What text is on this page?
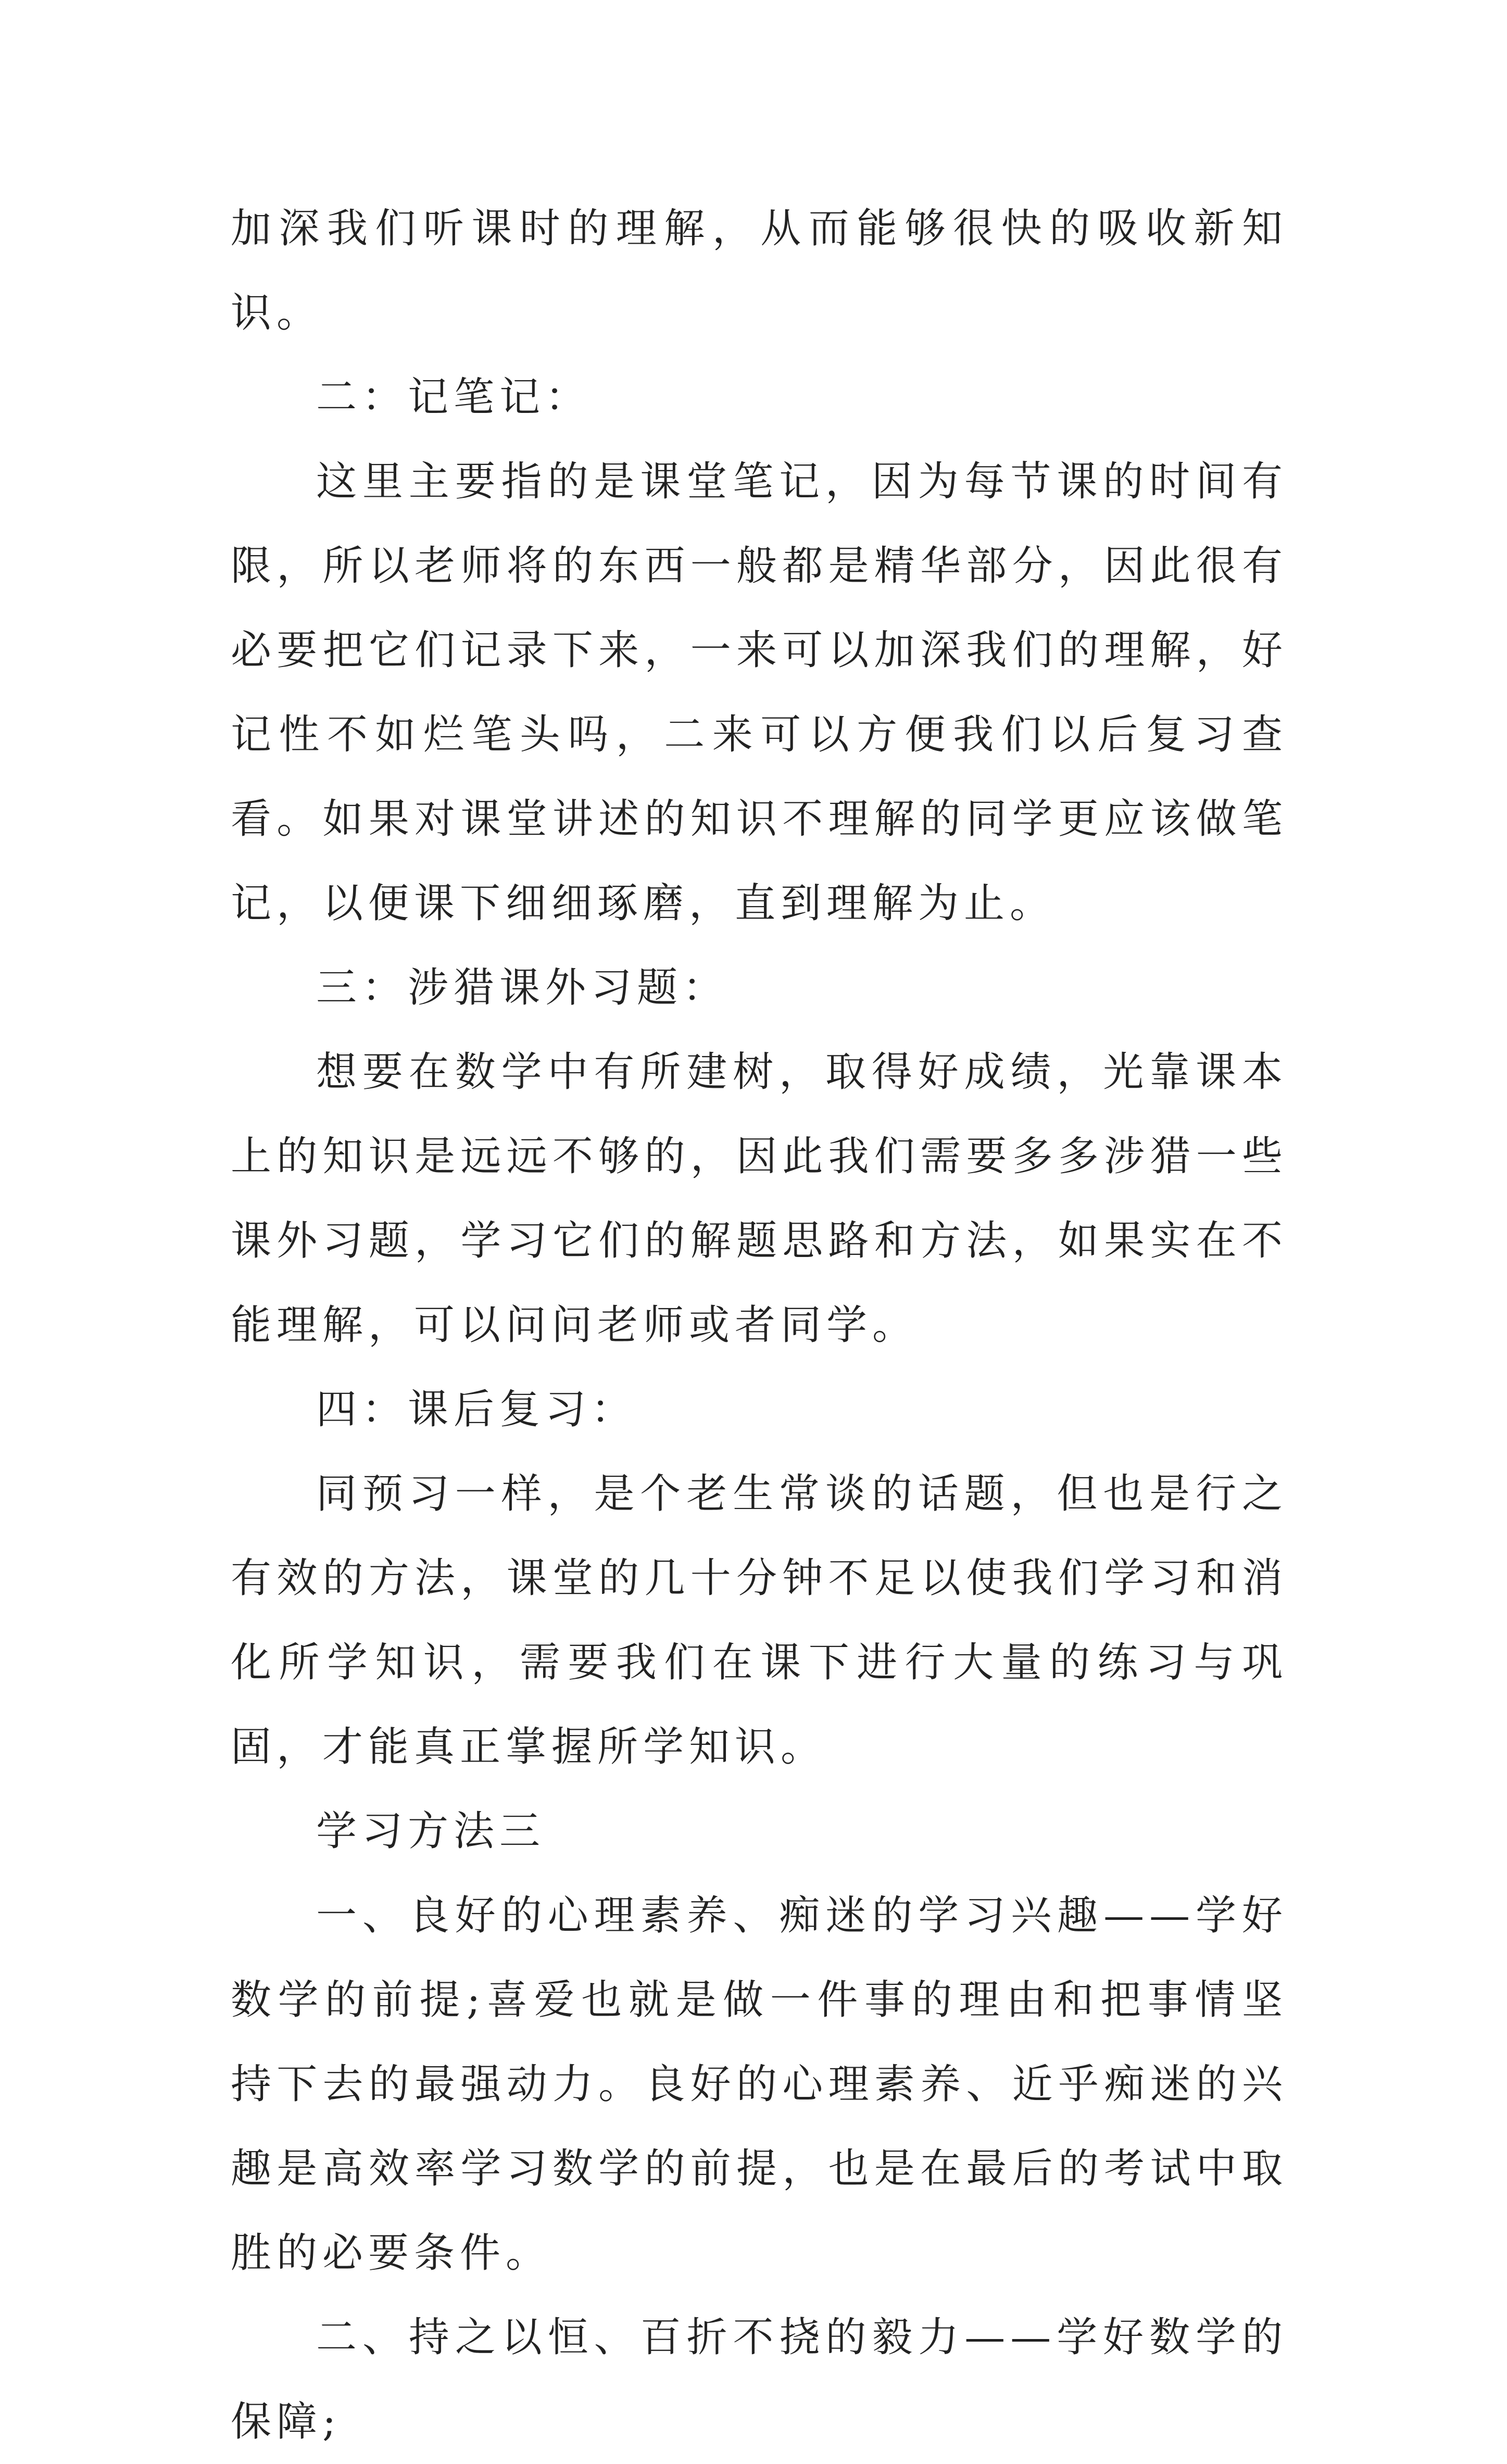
加深我们听课时的理解，从而能够很快的吸收新知识。

二：记笔记：

这里主要指的是课堂笔记，因为每节课的时间有限，所以老师将的东西一般都是精华部分，因此很有必要把它们记录下来，一来可以加深我们的理解，好记性不如烂笔头吗，二来可以方便我们以后复习查看。如果对课堂讲述的知识不理解的同学更应该做笔记，以便课下细细琢磨，直到理解为止。

三：涉猎课外习题：

想要在数学中有所建树，取得好成绩，光靠课本上的知识是远远不够的，因此我们需要多多涉猎一些课外习题，学习它们的解题思路和方法，如果实在不能理解，可以问问老师或者同学。

四：课后复习：

同预习一样，是个老生常谈的话题，但也是行之有效的方法，课堂的几十分钟不足以使我们学习和消化所学知识，需要我们在课下进行大量的练习与巩固，才能真正掌握所学知识。

学习方法三

一、良好的心理素养、痴迷的学习兴趣——学好数学的前提;喜爱也就是做一件事的理由和把事情坚持下去的最强动力。良好的心理素养、近乎痴迷的兴趣是高效率学习数学的前提，也是在最后的考试中取胜的必要条件。

二、持之以恒、百折不挠的毅力——学好数学的保障;
